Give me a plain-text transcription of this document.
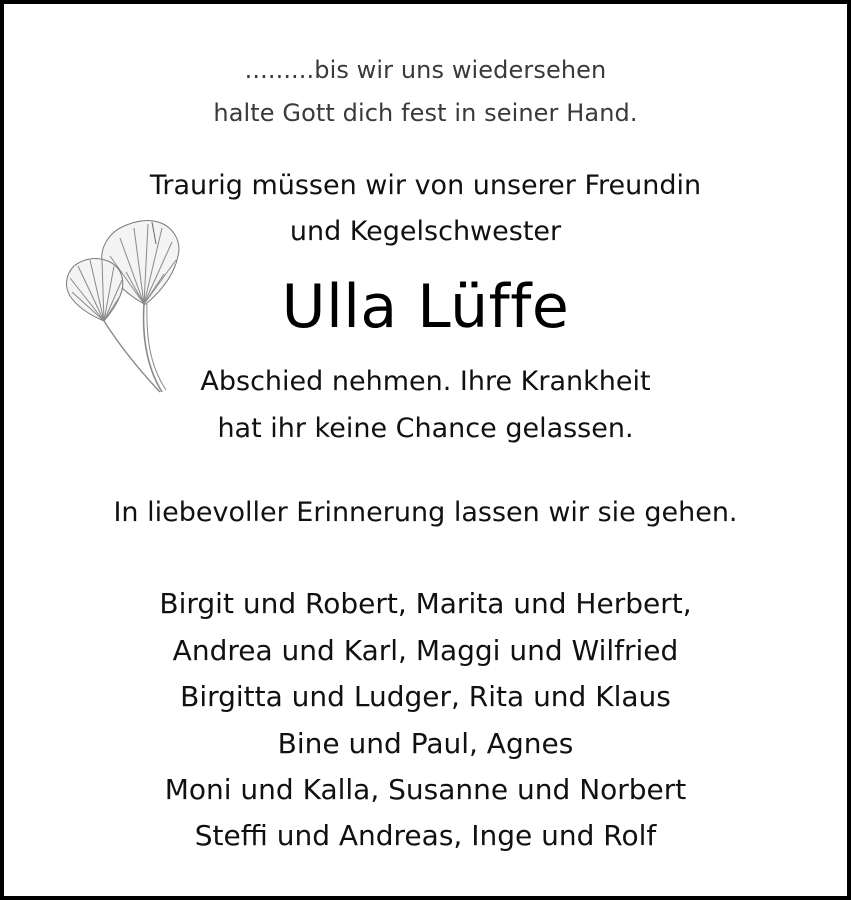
.........bis wir uns wiedersehen
halte Gott dich fest in seiner Hand.
Traurig müssen wir von unserer Freundin
und Kegelschwester
Ulla Lüffe
Abschied nehmen. Ihre Krankheit
hat ihr keine Chance gelassen.
In liebevoller Erinnerung lassen wir sie gehen.
Birgit und Robert, Marita und Herbert,
Andrea und Karl, Maggi und Wilfried
Birgitta und Ludger, Rita und Klaus
Bine und Paul, Agnes
Moni und Kalla, Susanne und Norbert
Steffi und Andreas, Inge und Rolf
